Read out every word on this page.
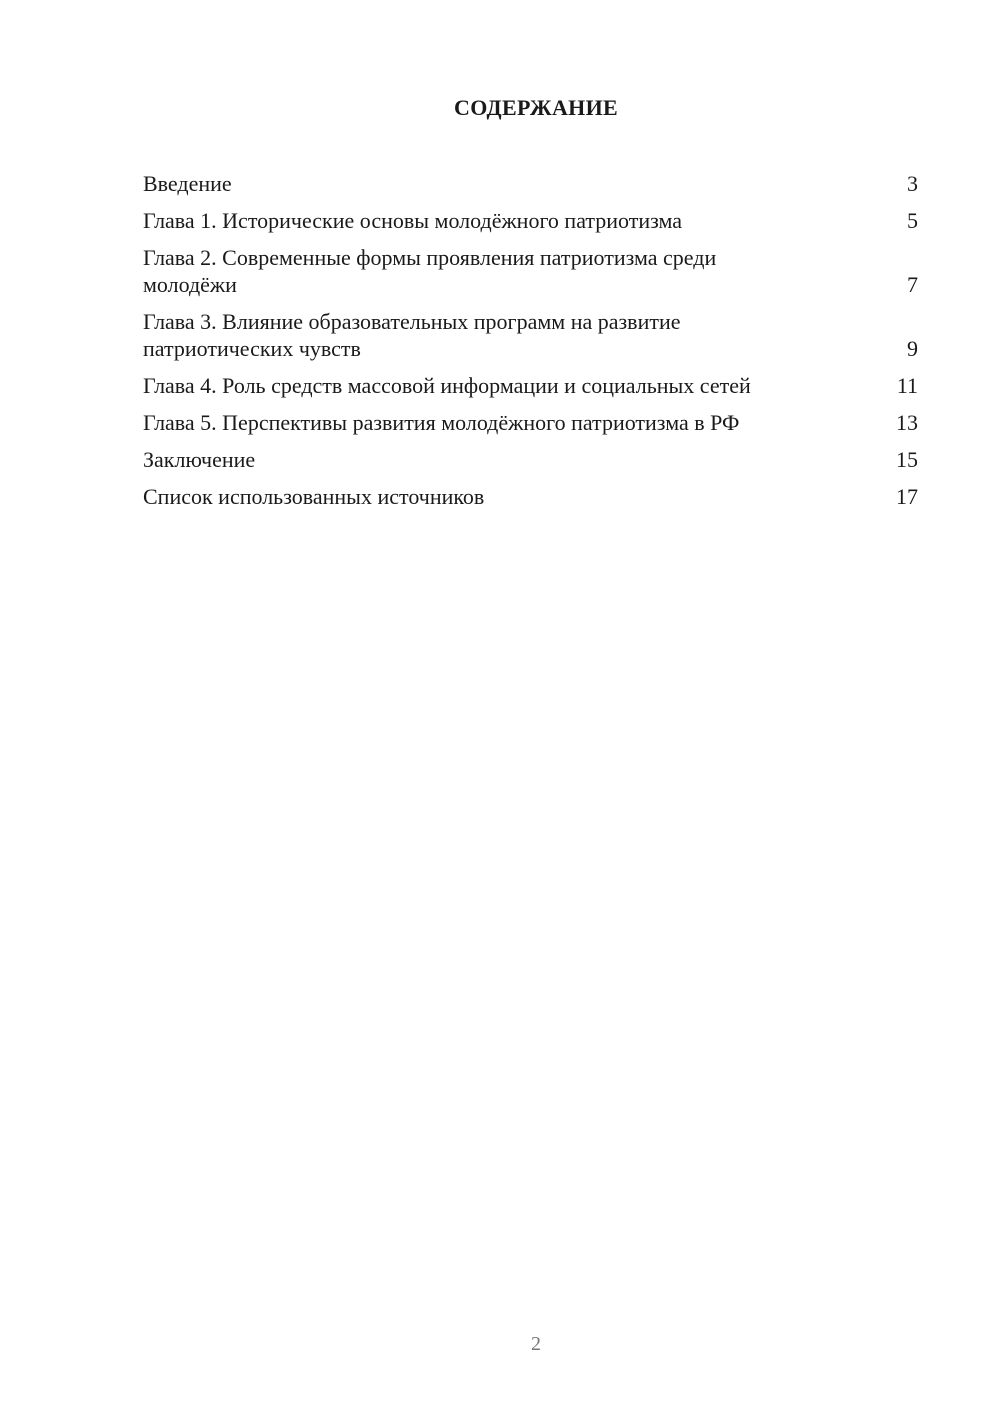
СОДЕРЖАНИЕ
Введение	3
Глава 1. Исторические основы молодёжного патриотизма	5
Глава 2. Современные формы проявления патриотизма среди молодёжи	7
Глава 3. Влияние образовательных программ на развитие патриотических чувств	9
Глава 4. Роль средств массовой информации и социальных сетей	11
Глава 5. Перспективы развития молодёжного патриотизма в РФ	13
Заключение	15
Список использованных источников	17
2
